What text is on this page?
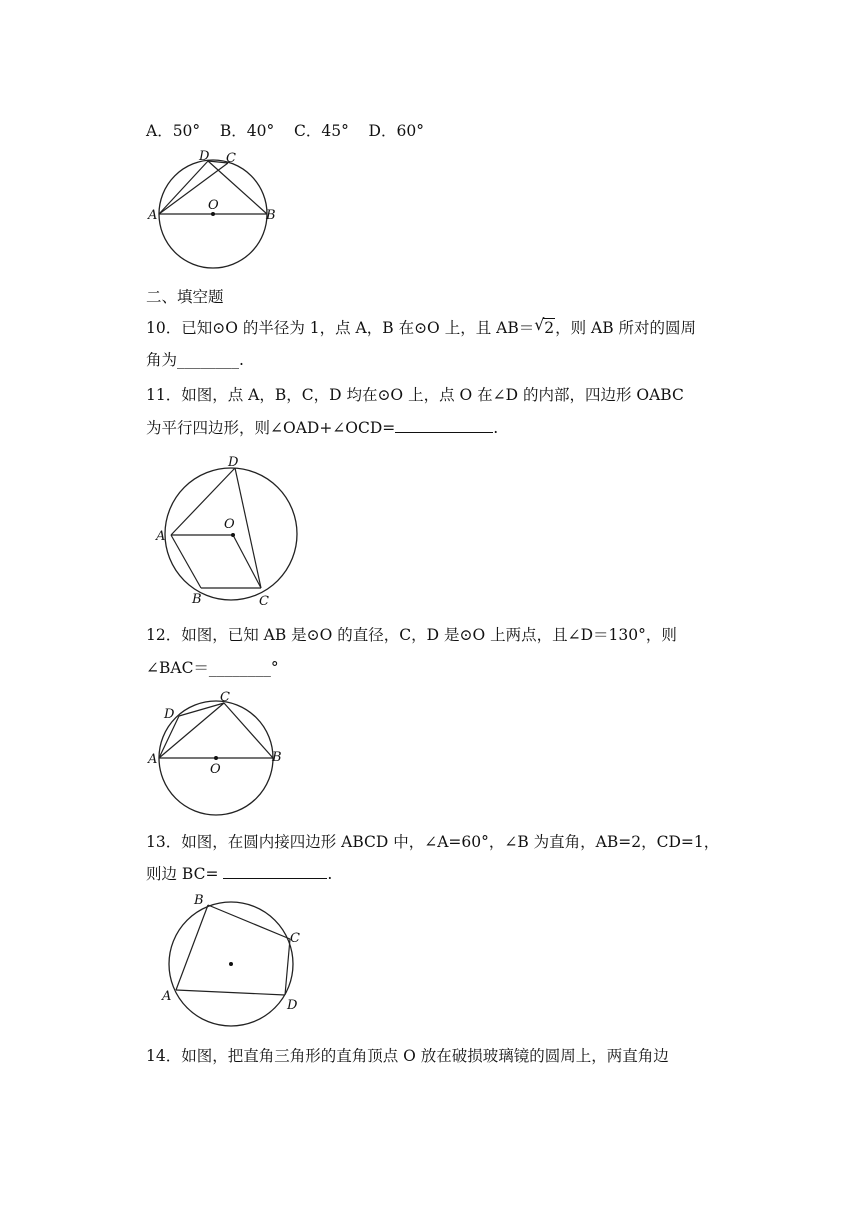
A．50° B．40° C．45° D．60°
A	B
C
D
O
二、填空题
10．已知⊙O 的半径为 1，点 A，B 在⊙O 上，且 AB＝ √ 2，则 AB 所对的圆周
角为________.
11．如图，点 A，B，C，D 均在⊙O 上，点 O 在∠D 的内部，四边形 OABC
为平行四边形，则∠OAD+∠OCD=	.
A
B	C
D
O
12．如图，已知 AB 是⊙O 的直径，C，D 是⊙O 上两点，且∠D＝130°，则
∠BAC＝________°
A	B
C
D
O
13．如图，在圆内接四边形 ABCD 中，∠A=60°，∠B 为直角，AB=2，CD=1，
则边 BC=	.
A
B
C
D
14．如图，把直角三角形的直角顶点 O 放在破损玻璃镜的圆周上，两直角边
